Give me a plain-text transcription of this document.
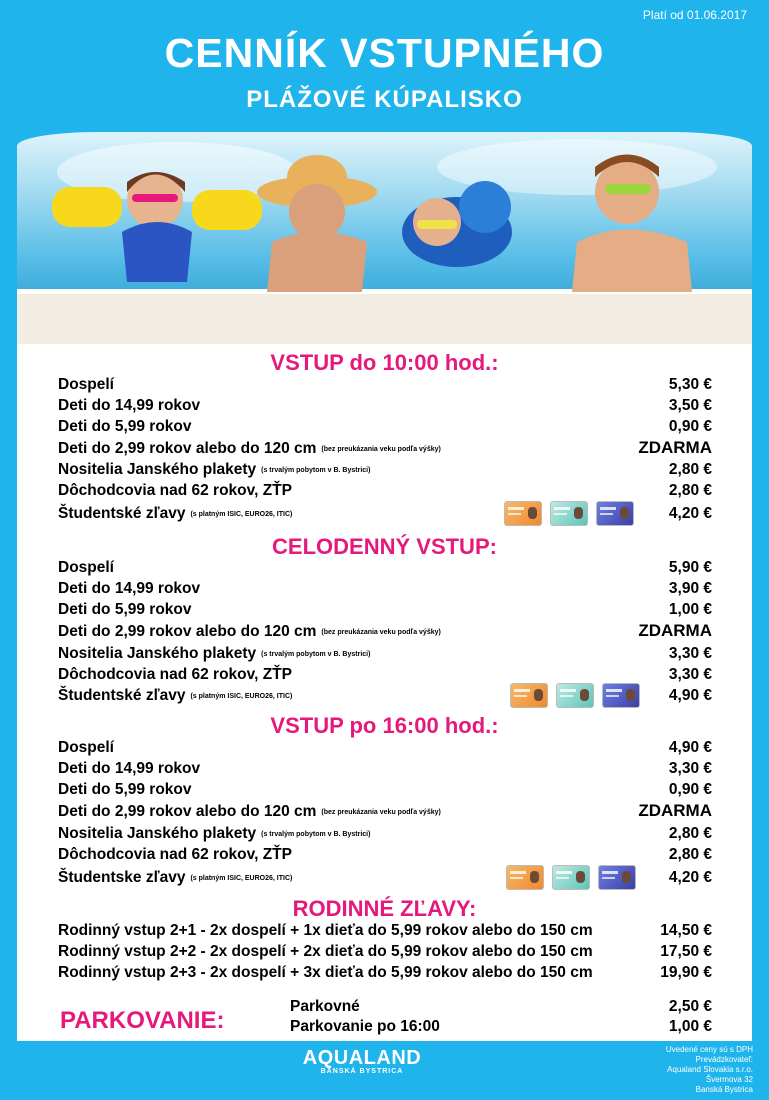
Platí od 01.06.2017
CENNÍK VSTUPNÉHO
PLÁŽOVÉ KÚPALISKO
VSTUP do 10:00 hod.:
Dospelí	5,30 €
Deti do 14,99 rokov	3,50 €
Deti do 5,99 rokov	0,90 €
Deti do 2,99 rokov alebo do 120 cm (bez preukázania veku podľa výšky)	ZDARMA
Nositelia Janského plakety (s trvalým pobytom v B. Bystrici)	2,80 €
Dôchodcovia nad 62 rokov, ZŤP	2,80 €
Študentské zľavy (s platným ISIC, EURO26, ITIC)	4,20 €
CELODENNÝ VSTUP:
Dospelí	5,90 €
Deti do 14,99 rokov	3,90 €
Deti do 5,99 rokov	1,00 €
Deti do 2,99 rokov alebo do 120 cm (bez preukázania veku podľa výšky)	ZDARMA
Nositelia Janského plakety (s trvalým pobytom v B. Bystrici)	3,30 €
Dôchodcovia nad 62 rokov, ZŤP	3,30 €
Študentské zľavy (s platným ISIC, EURO26, ITIC)	4,90 €
VSTUP po 16:00 hod.:
Dospelí	4,90 €
Deti do 14,99 rokov	3,30 €
Deti do 5,99 rokov	0,90 €
Deti do 2,99 rokov alebo do 120 cm (bez preukázania veku podľa výšky)	ZDARMA
Nositelia Janského plakety (s trvalým pobytom v B. Bystrici)	2,80 €
Dôchodcovia nad 62 rokov, ZŤP	2,80 €
Študentske zľavy (s platným ISIC, EURO26, ITIC)	4,20 €
RODINNÉ ZĽAVY:
Rodinný vstup 2+1 - 2x dospelí + 1x dieťa do 5,99 rokov alebo do 150 cm	14,50 €
Rodinný vstup 2+2 - 2x dospelí + 2x dieťa do 5,99 rokov alebo do 150 cm	17,50 €
Rodinný vstup 2+3 - 2x dospelí + 3x dieťa do 5,99 rokov alebo do 150 cm	19,90 €
PARKOVANIE:
Parkovné	2,50 €
Parkovanie po 16:00	1,00 €
AQUALAND
BANSKÁ BYSTRICA
Uvedené ceny sú s DPH
Prevádzkovateľ:
Aqualand Slovakia s.r.o.
Švermova 32
Banská Bystrica
